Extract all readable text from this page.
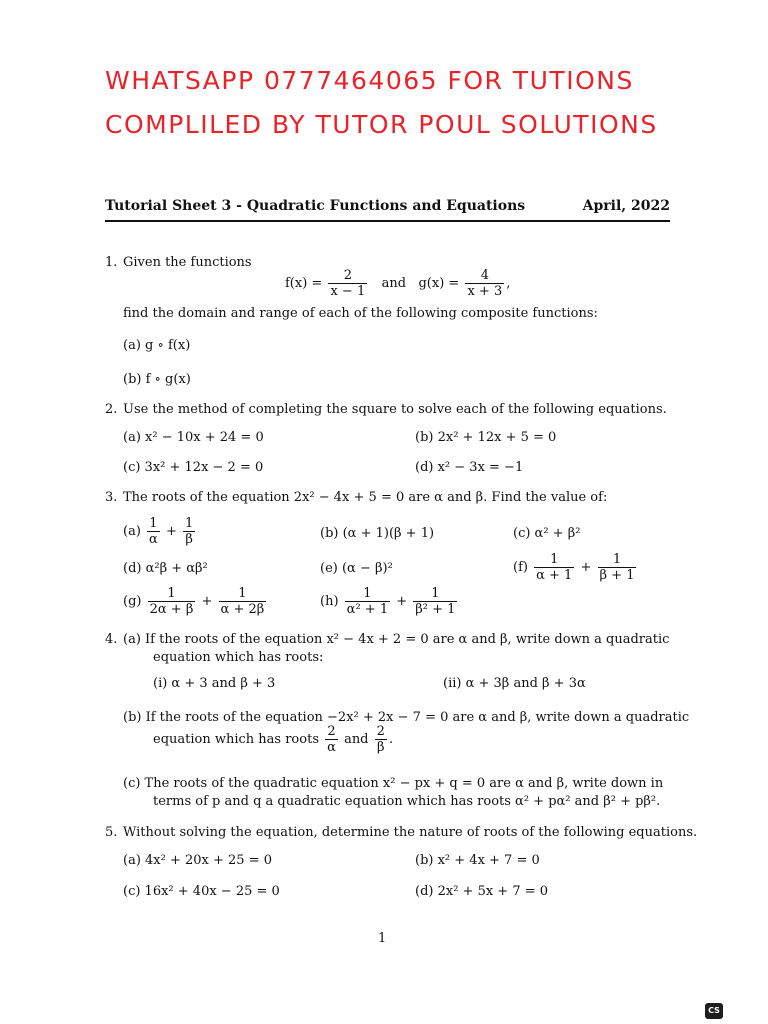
WHATSAPP 0777464065 FOR TUTIONS
COMPLILED BY TUTOR POUL SOLUTIONS
Tutorial Sheet 3 - Quadratic Functions and Equations	April, 2022
1. Given the functions
$f(x) = \frac{2}{x - 1}$ and $g(x) = \frac{4}{x + 3}$ ,
find the domain and range of each of the following composite functions:
(a) g ∘ f(x)
(b) f ∘ g(x)
2. Use the method of completing the square to solve each of the following equations.
(a) x² − 10x + 24 = 0	(b) 2x² + 12x + 5 = 0
(c) 3x² + 12x − 2 = 0	(d) x² − 3x = −1
3. The roots of the equation 2x² − 4x + 5 = 0 are α and β. Find the value of:
$(a) \frac{1}{\alpha} + \frac{1}{\beta}$	(b) (α + 1)(β + 1)	(c) α² + β²
(d) α²β + αβ²	(e) (α − β)²	$(f) \frac{1}{\alpha + 1} + \frac{1}{\beta + 1}$
$(g) \frac{1}{2\alpha + \beta} + \frac{1}{\alpha + 2\beta}$	$(h) \frac{1}{\text{α² + 1}} + \frac{1}{\text{β² + 1}}$
4. (a) If the roots of the equation x² − 4x + 2 = 0 are α and β, write down a quadratic
equation which has roots:
(i) α + 3 and β + 3	(ii) α + 3β and β + 3α
(b) If the roots of the equation −2x² + 2x − 7 = 0 are α and β, write down a quadratic
equation which has roots $\frac{2}{\alpha}$ and $\frac{2}{\beta}$ .
(c) The roots of the quadratic equation x² − px + q = 0 are α and β, write down in
terms of p and q a quadratic equation which has roots α² + pα² and β² + pβ².
5. Without solving the equation, determine the nature of roots of the following equations.
(a) 4x² + 20x + 25 = 0	(b) x² + 4x + 7 = 0
(c) 16x² + 40x − 25 = 0	(d) 2x² + 5x + 7 = 0
1
CS
